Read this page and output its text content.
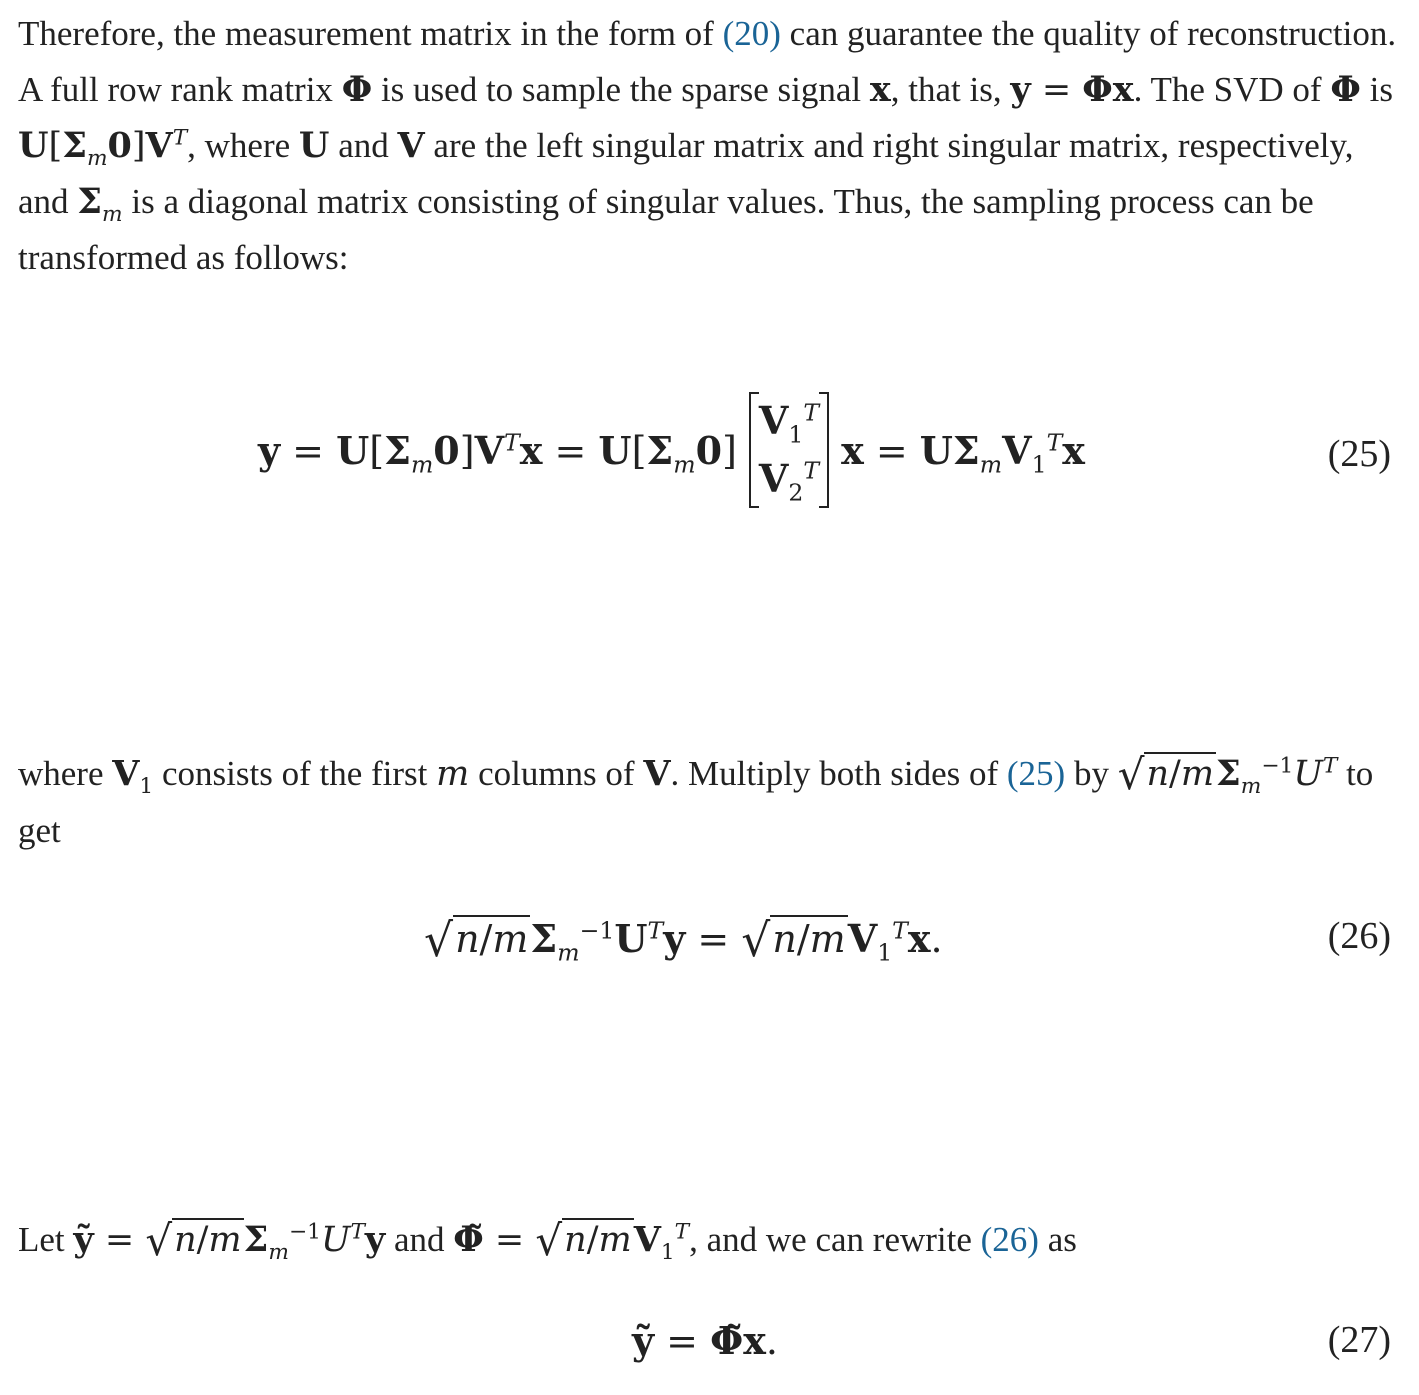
Therefore, the measurement matrix in the form of (20) can guarantee the quality of reconstruction. A full row rank matrix Φ is used to sample the sparse signal x, that is, y = Φx. The SVD of Φ is $U[\Sigma_m0]V^T$, where U and V are the left singular matrix and right singular matrix, respectively, and $\Sigma_m$ is a diagonal matrix consisting of singular values. Thus, the sampling process can be transformed as follows:

$y = U[\Sigma_m0]V^Tx = U[\Sigma_m0]$
$V_1^T$
$V_2^T$ $x = U\Sigma_mV_1^Tx$	(25)

where $V_1$ consists of the first m columns of V. Multiply both sides of (25) by $√n/m\Sigma_m^{-1}U^T$ to get

$√n/m\Sigma_m^{-1}U^Ty = √n/mV_1^Tx$.	(26)

Let ỹ = $√n/m\Sigma_m^{-1}U^Ty$ and Φ̃ = $√n/mV_1^T$, and we can rewrite (26) as

ỹ = Φ̃x.	(27)
